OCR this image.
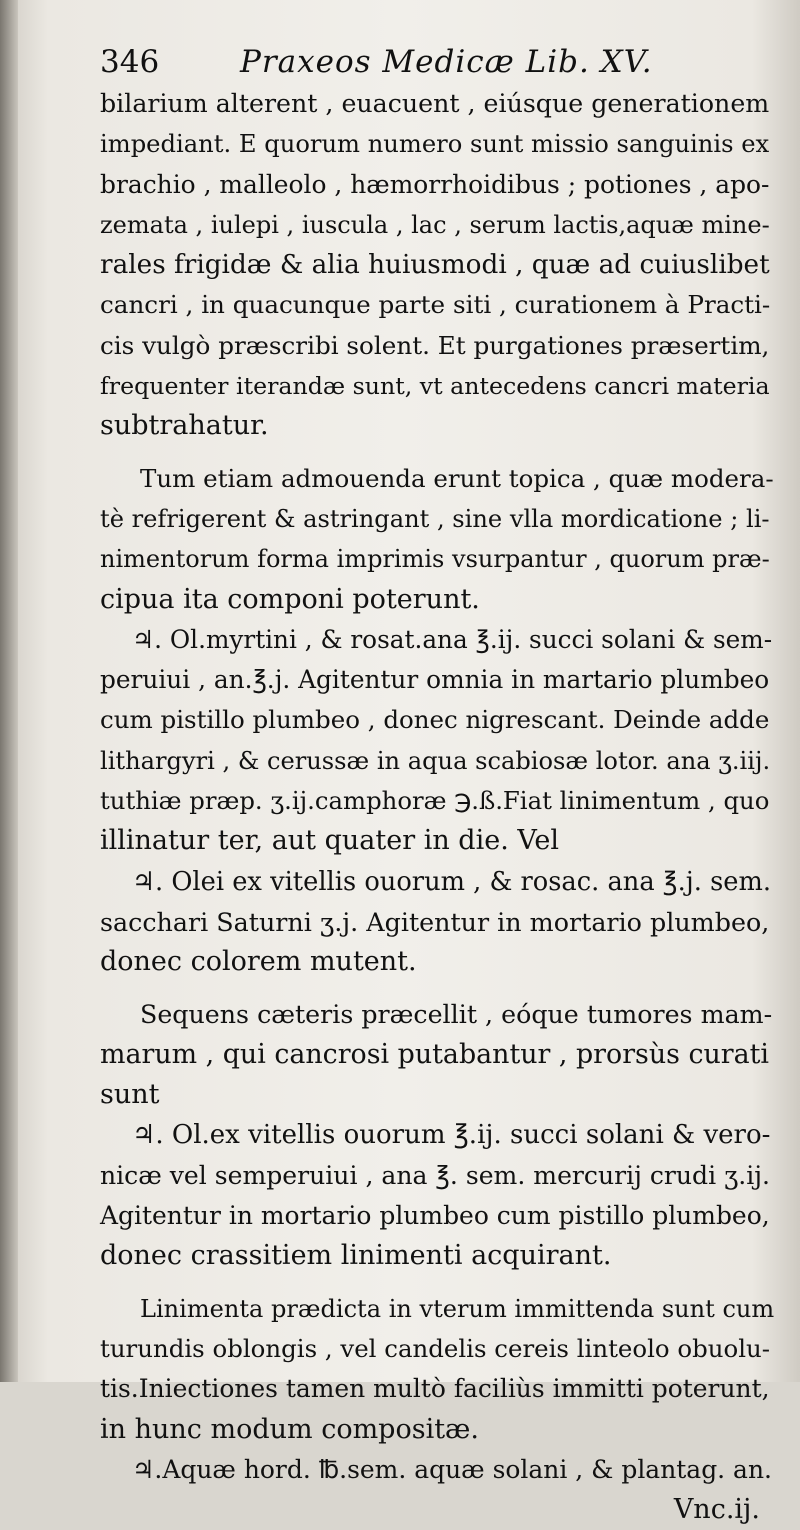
346	Praxeos Medicæ Lib. XV.
bilarium alterent , euacuent , eiúsque generationem
impediant. E quorum numero sunt missio sanguinis ex
brachio , malleolo , hæmorrhoidibus ; potiones , apo-
zemata , iulepi , iuscula , lac , serum lactis,aquæ mine-
rales frigidæ & alia huiusmodi , quæ ad cuiuslibet
cancri , in quacunque parte siti , curationem à Practi-
cis vulgò præscribi solent. Et purgationes præsertim,
frequenter iterandæ sunt, vt antecedens cancri materia
subtrahatur.
Tum etiam admouenda erunt topica , quæ modera-
tè refrigerent & astringant , sine vlla mordicatione ; li-
nimentorum forma imprimis vsurpantur , quorum præ-
cipua ita componi poterunt.
♃. Ol.myrtini , & rosat.ana ℥.ij. succi solani & sem-
peruiui , an.℥.j. Agitentur omnia in martario plumbeo
cum pistillo plumbeo , donec nigrescant. Deinde adde
lithargyri , & cerussæ in aqua scabiosæ lotor. ana ʒ.iij.
tuthiæ præp. ʒ.ij.camphoræ ℈.ß.Fiat linimentum , quo
illinatur ter, aut quater in die. Vel
♃. Olei ex vitellis ouorum , & rosac. ana ℥.j. sem.
sacchari Saturni ʒ.j. Agitentur in mortario plumbeo,
donec colorem mutent.
Sequens cæteris præcellit , eóque tumores mam-
marum , qui cancrosi putabantur , prorsùs curati
sunt
♃. Ol.ex vitellis ouorum ℥.ij. succi solani & vero-
nicæ vel semperuiui , ana ℥. sem. mercurij crudi ʒ.ij.
Agitentur in mortario plumbeo cum pistillo plumbeo,
donec crassitiem linimenti acquirant.
Linimenta prædicta in vterum immittenda sunt cum
turundis oblongis , vel candelis cereis linteolo obuolu-
tis.Iniectiones tamen multò faciliùs immitti poterunt,
in hunc modum compositæ.
♃.Aquæ hord. ℔.sem. aquæ solani , & plantag. an.
Vnc.ij.
